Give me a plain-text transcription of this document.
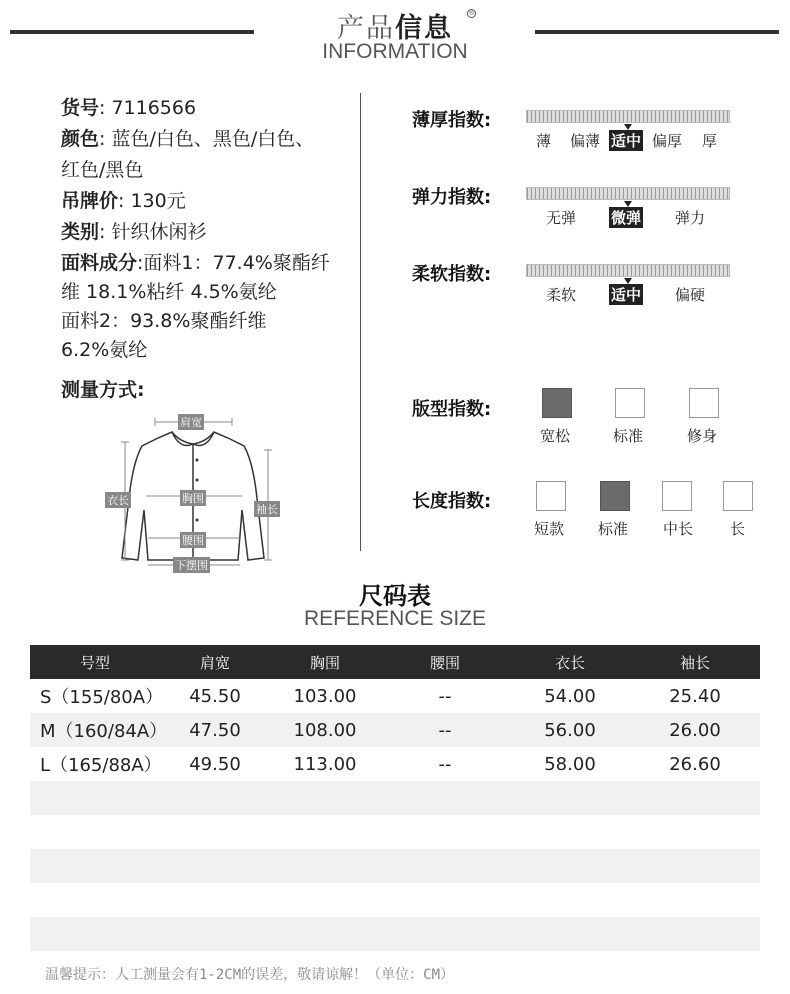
产品信息	®
INFORMATION
货号: 7116566
颜色: 蓝色/白色、黑色/白色、
红色/黑色
吊牌价: 130元
类别: 针织休闲衫
面料成分:面料1：77.4%聚酯纤
维 18.1%粘纤 4.5%氨纶
面料2：93.8%聚酯纤维
6.2%氨纶
测量方式:
肩宽
衣长	胸围
袖长
腰围
下摆围
薄厚指数:
薄 偏薄 适中 偏厚 厚
弹力指数:
无弹 微弹 弹力
柔软指数:
柔软 适中 偏硬
版型指数:
宽松	标准	修身
长度指数:
短款 标准 中长 长
尺码表
REFERENCE SIZE
号型	肩宽	胸围	腰围	衣长	袖长
S（155/80A）	45.50	103.00	--	54.00	25.40
M（160/84A）	47.50	108.00	--	56.00	26.00
L（165/88A）	49.50	113.00	--	58.00	26.60

温馨提示：人工测量会有1-2CM的误差，敬请谅解！（单位：CM）
